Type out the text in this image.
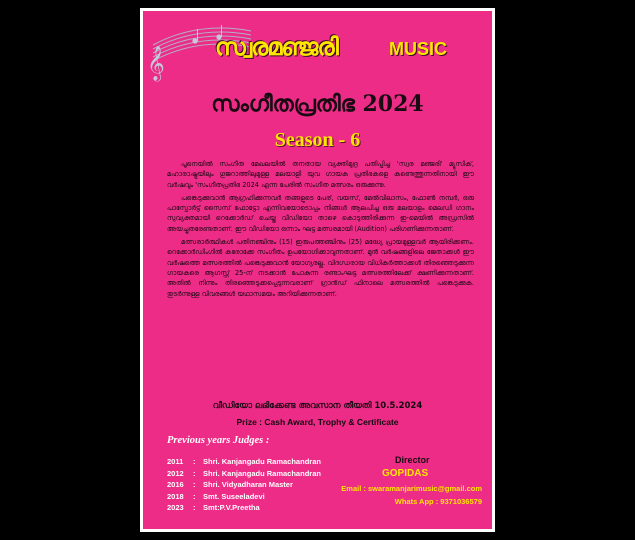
𝄞 സ്വരമഞ്ജരി	MUSIC
സംഗീതപ്രതിഭ 2024
Season - 6

പൂനെയിൽ സംഗീത മേഖലയിൽ തനതായ വ്യക്തിമുദ്ര പതിപ്പിച്ച 'സ്വര മഞ്ജരി' മ്യൂസിക്, മഹാരാഷ്ട്രയിലും ഗുജറാത്തിലുമുള്ള മലയാളി യുവ ഗായക പ്രതിഭകളെ കണ്ടെത്തുന്നതിനായി ഈ വർഷവും 'സംഗീതപ്രതിഭ 2024 എന്ന പേരിൽ സംഗീത മത്സരം ഒരുക്കുന്നു.

പങ്കെടുക്കുവാൻ ആഗ്രഹിക്കുന്നവർ തങ്ങളുടെ പേര്, വയസ്, മേൽവിലാസം, ഫോൺ നമ്പർ, ഒരു പാസ്പോർട്ട് സൈസ് ഫോട്ടോ എന്നിവയോടൊപ്പം നിങ്ങൾ ആലപിച്ച ഒരു മലയാളം മെലഡി ഗാനം സുവ്യക്തമായി റെക്കോർഡ് ചെയ്ത വീഡിയോ താഴെ കൊടുത്തിരിക്കുന്ന ഇ-മെയിൽ അഡ്രസിൽ അയച്ചുതരേണ്ടതാണ്. ഈ വീഡിയോ ഒന്നാം ഘട്ട മത്സരമായി (Audition) പരിഗണിക്കുന്നതാണ്.

മത്സരാർത്ഥികൾ പതിനഞ്ചിനും (15) ഇരുപത്തഞ്ചിനും (25) മദ്ധ്യേ പ്രായമുള്ളവർ ആയിരിക്കണം. റെക്കോർഡിംഗിൽ കരോക്കേ സംഗീതം ഉപയോഗിക്കാവുന്നതാണ്. മുൻ വർഷങ്ങളിലെ ജേതാക്കൾ ഈ വർഷത്തെ മത്സരത്തിൽ പങ്കെടുക്കുവാൻ യോഗ്യരല്ല. വിദഗ്ധരായ വിധികർത്താക്കൾ തിരഞ്ഞെടുക്കുന്ന ഗായകരെ ആഗസ്റ്റ് 25-ന് നടക്കാൻ പോകുന്ന രണ്ടാംഘട്ട മത്സരത്തിലേക്ക് ക്ഷണിക്കുന്നതാണ്. അതിൽ നിന്നും തിരഞ്ഞെടുക്കപ്പെടുന്നവരാണ് ഗ്രാൻഡ് ഫിനാലെ മത്സരത്തിൽ പങ്കെടുക്കുക. തുടർന്നുള്ള വിവരങ്ങൾ യഥാസമയം അറിയിക്കുന്നതാണ്.

വീഡിയോ ലഭിക്കേണ്ട അവസാന തീയതി 10.5.2024
Prize : Cash Award, Trophy & Certificate
Previous years Judges :
2011 : Shri. Kanjangadu Ramachandran
2012 : Shri. Kanjangadu Ramachandran
2016 : Shri. Vidyadharan Master
2018 : Smt. Suseeladevi
2023 : Smt:P.V.Preetha
Director
GOPIDAS
Email : swaramanjarimusic@gmail.com
Whats App : 9371036579
